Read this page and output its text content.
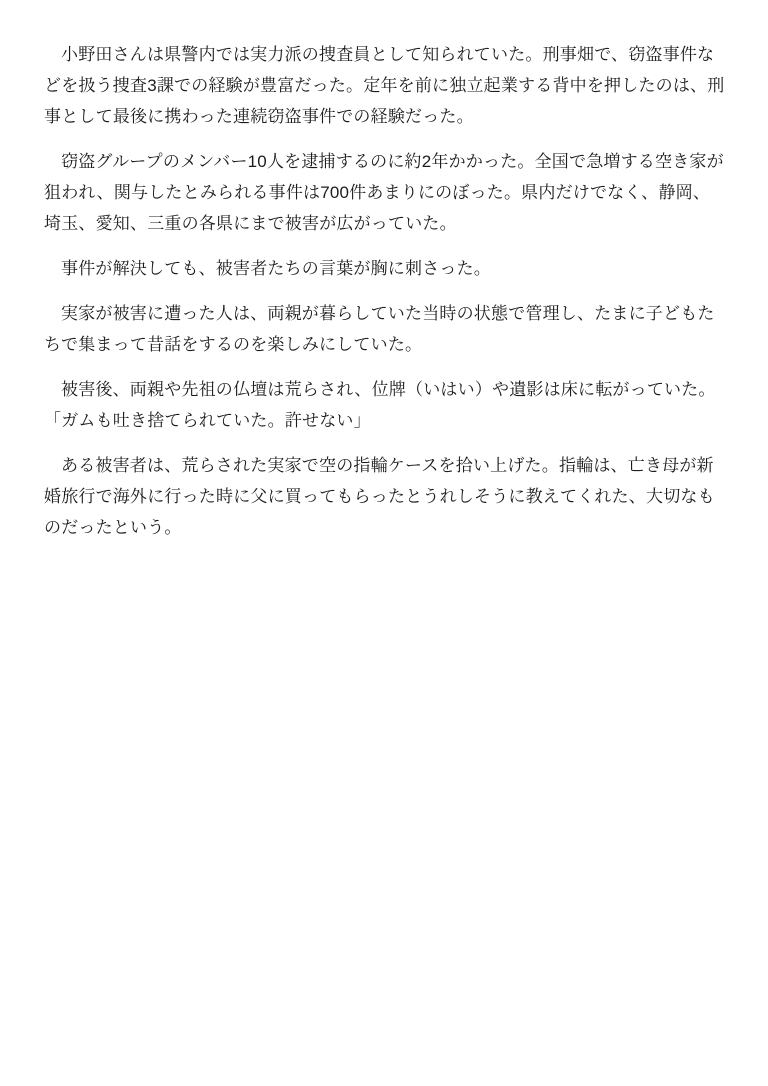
小野田さんは県警内では実力派の捜査員として知られていた。刑事畑で、窃盗事件などを扱う捜査3課での経験が豊富だった。定年を前に独立起業する背中を押したのは、刑事として最後に携わった連続窃盗事件での経験だった。

窃盗グループのメンバー10人を逮捕するのに約2年かかった。全国で急増する空き家が狙われ、関与したとみられる事件は700件あまりにのぼった。県内だけでなく、静岡、埼玉、愛知、三重の各県にまで被害が広がっていた。

事件が解決しても、被害者たちの言葉が胸に刺さった。

実家が被害に遭った人は、両親が暮らしていた当時の状態で管理し、たまに子どもたちで集まって昔話をするのを楽しみにしていた。

被害後、両親や先祖の仏壇は荒らされ、位牌（いはい）や遺影は床に転がっていた。「ガムも吐き捨てられていた。許せない」

ある被害者は、荒らされた実家で空の指輪ケースを拾い上げた。指輪は、亡き母が新婚旅行で海外に行った時に父に買ってもらったとうれしそうに教えてくれた、大切なものだったという。
